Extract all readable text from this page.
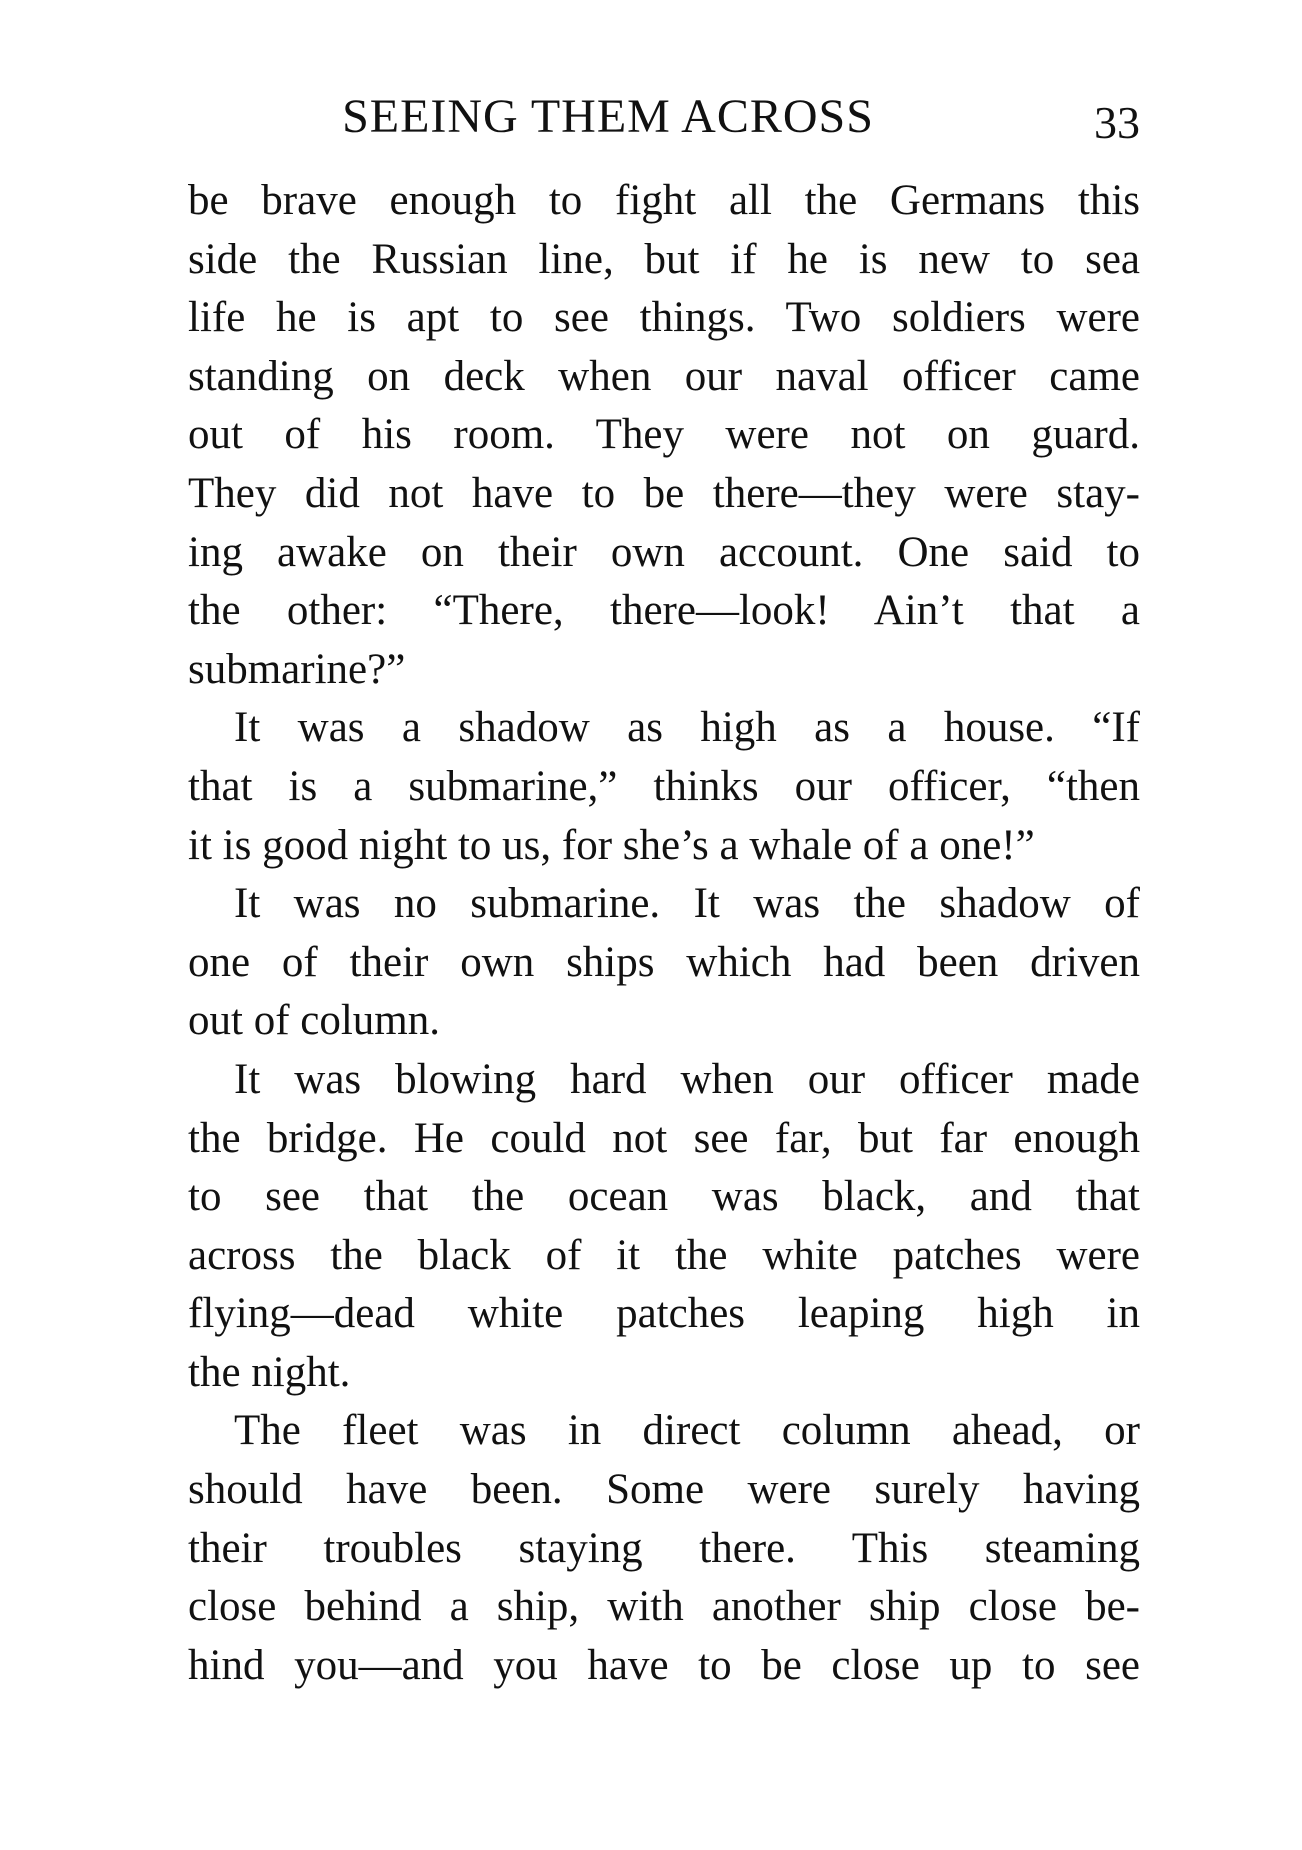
SEEING THEM ACROSS	33
be brave enough to fight all the Germans this
side the Russian line, but if he is new to sea
life he is apt to see things. Two soldiers were
standing on deck when our naval officer came
out of his room. They were not on guard.
They did not have to be there—they were stay-
ing awake on their own account. One said to
the other: “There, there—look! Ain’t that a
submarine?”
It was a shadow as high as a house. “If
that is a submarine,” thinks our officer, “then
it is good night to us, for she’s a whale of a one!”
It was no submarine. It was the shadow of
one of their own ships which had been driven
out of column.
It was blowing hard when our officer made
the bridge. He could not see far, but far enough
to see that the ocean was black, and that
across the black of it the white patches were
flying—dead white patches leaping high in
the night.
The fleet was in direct column ahead, or
should have been. Some were surely having
their troubles staying there. This steaming
close behind a ship, with another ship close be-
hind you—and you have to be close up to see
